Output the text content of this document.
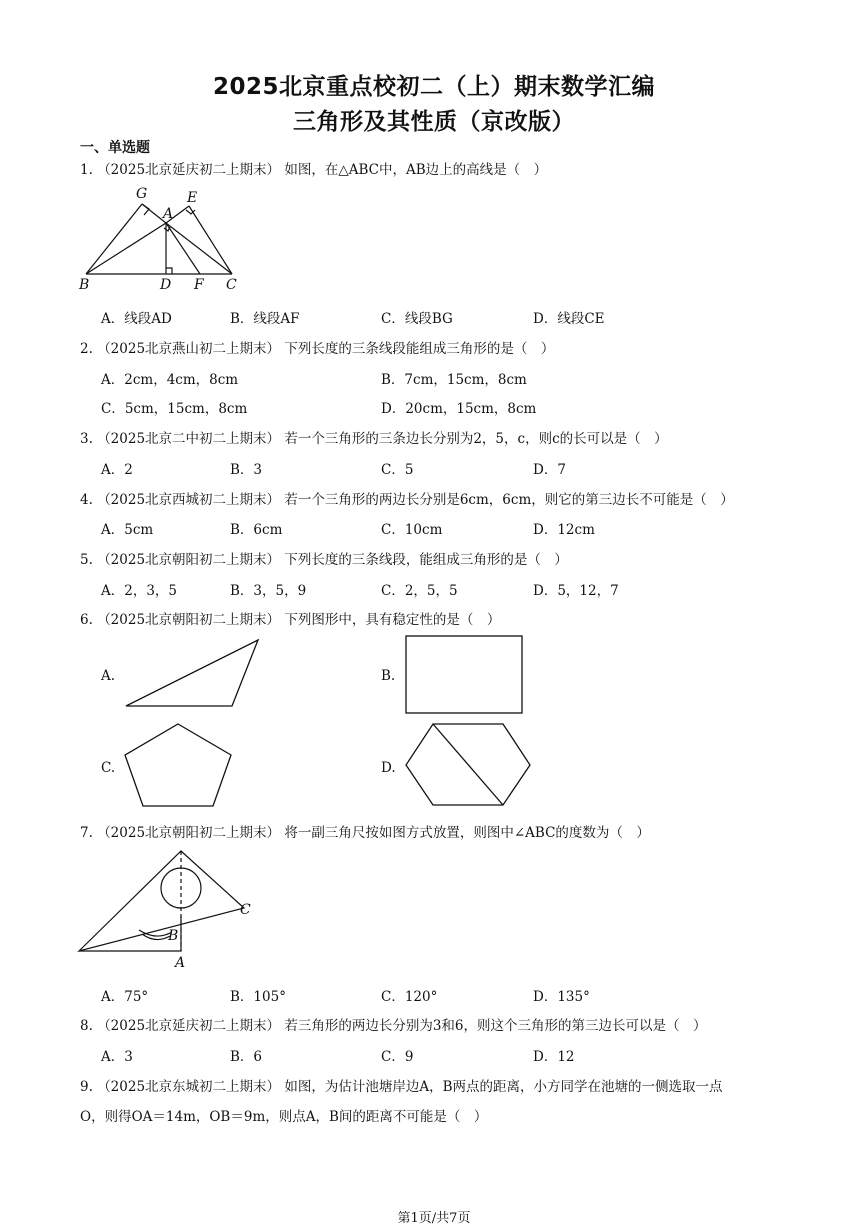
2025北京重点校初二（上）期末数学汇编
三角形及其性质（京改版）
一、单选题
1. （2025北京延庆初二上期末） 如图，在△ABC中，AB边上的高线是（　）
G	E
A
B	D F C
A．线段AD	B．线段AF	C．线段BG	D．线段CE
2. （2025北京燕山初二上期末） 下列长度的三条线段能组成三角形的是（　）
A．2cm，4cm，8cm	B．7cm，15cm，8cm
C．5cm，15cm，8cm	D．20cm，15cm，8cm
3. （2025北京二中初二上期末） 若一个三角形的三条边长分别为2，5，c，则c的长可以是（　）
A．2	B．3	C．5	D．7
4. （2025北京西城初二上期末） 若一个三角形的两边长分别是6cm，6cm，则它的第三边长不可能是（　）
A．5cm	B．6cm	C．10cm	D．12cm
5. （2025北京朝阳初二上期末） 下列长度的三条线段，能组成三角形的是（　）
A．2，3，5	B．3，5，9	C．2，5，5	D．5，12，7
6. （2025北京朝阳初二上期末） 下列图形中，具有稳定性的是（　）
A.	B.
C.	D.
7. （2025北京朝阳初二上期末） 将一副三角尺按如图方式放置，则图中∠ABC的度数为（　）
C
B
A
A．75°	B．105°	C．120°	D．135°
8. （2025北京延庆初二上期末） 若三角形的两边长分别为3和6，则这个三角形的第三边长可以是（　）
A．3	B．6	C．9	D．12
9. （2025北京东城初二上期末） 如图，为估计池塘岸边A，B两点的距离，小方同学在池塘的一侧选取一点
O，则得OA＝14m，OB＝9m，则点A，B间的距离不可能是（　）
第1页/共7页
